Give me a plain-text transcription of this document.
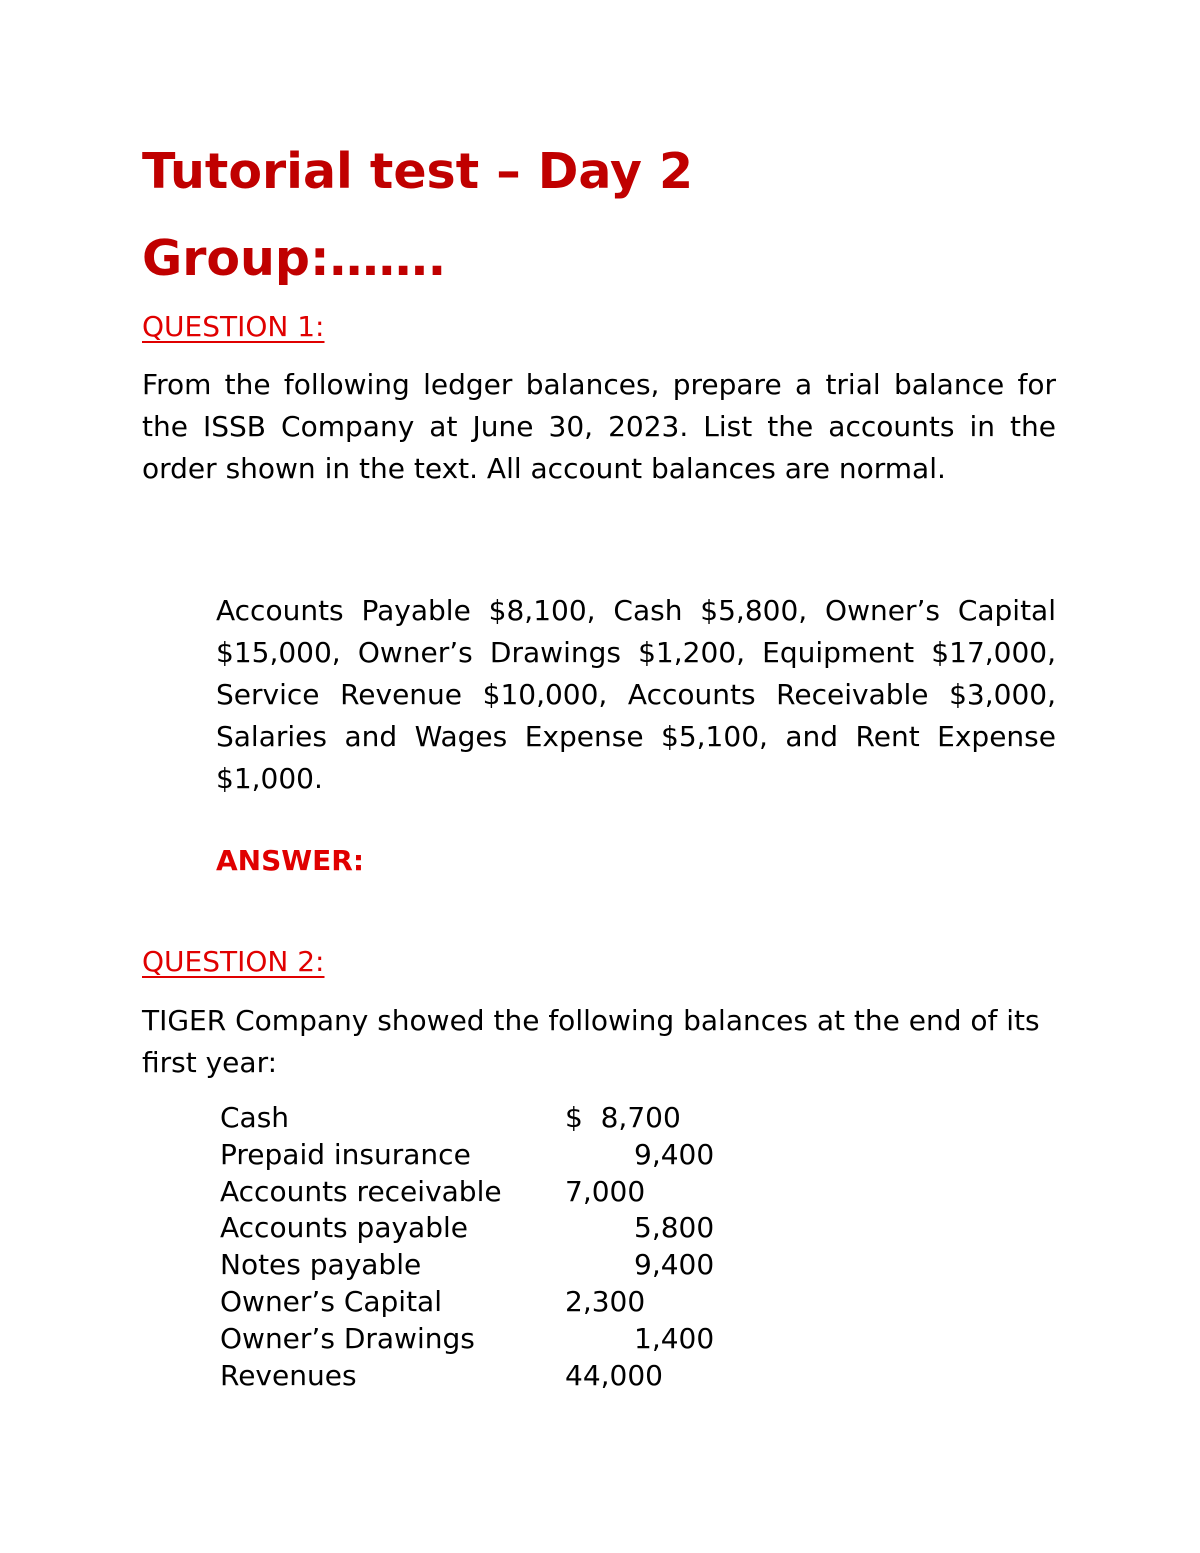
Tutorial test – Day 2
Group:…….
QUESTION 1:

From the following ledger balances, prepare a trial balance for the ISSB Company at June 30, 2023. List the accounts in the order shown in the text. All account balances are normal.

Accounts Payable $8,100, Cash $5,800, Owner’s Capital $15,000, Owner’s Drawings $1,200, Equipment $17,000, Service Revenue $10,000, Accounts Receivable $3,000, Salaries and Wages Expense $5,100, and Rent Expense $1,000.

ANSWER:
QUESTION 2:

TIGER Company showed the following balances at the end of its first year:

Cash	$  8,700
Prepaid insurance	9,400
Accounts receivable 7,000
Accounts payable	5,800
Notes payable	9,400
Owner’s Capital	2,300
Owner’s Drawings	1,400
Revenues	44,000
